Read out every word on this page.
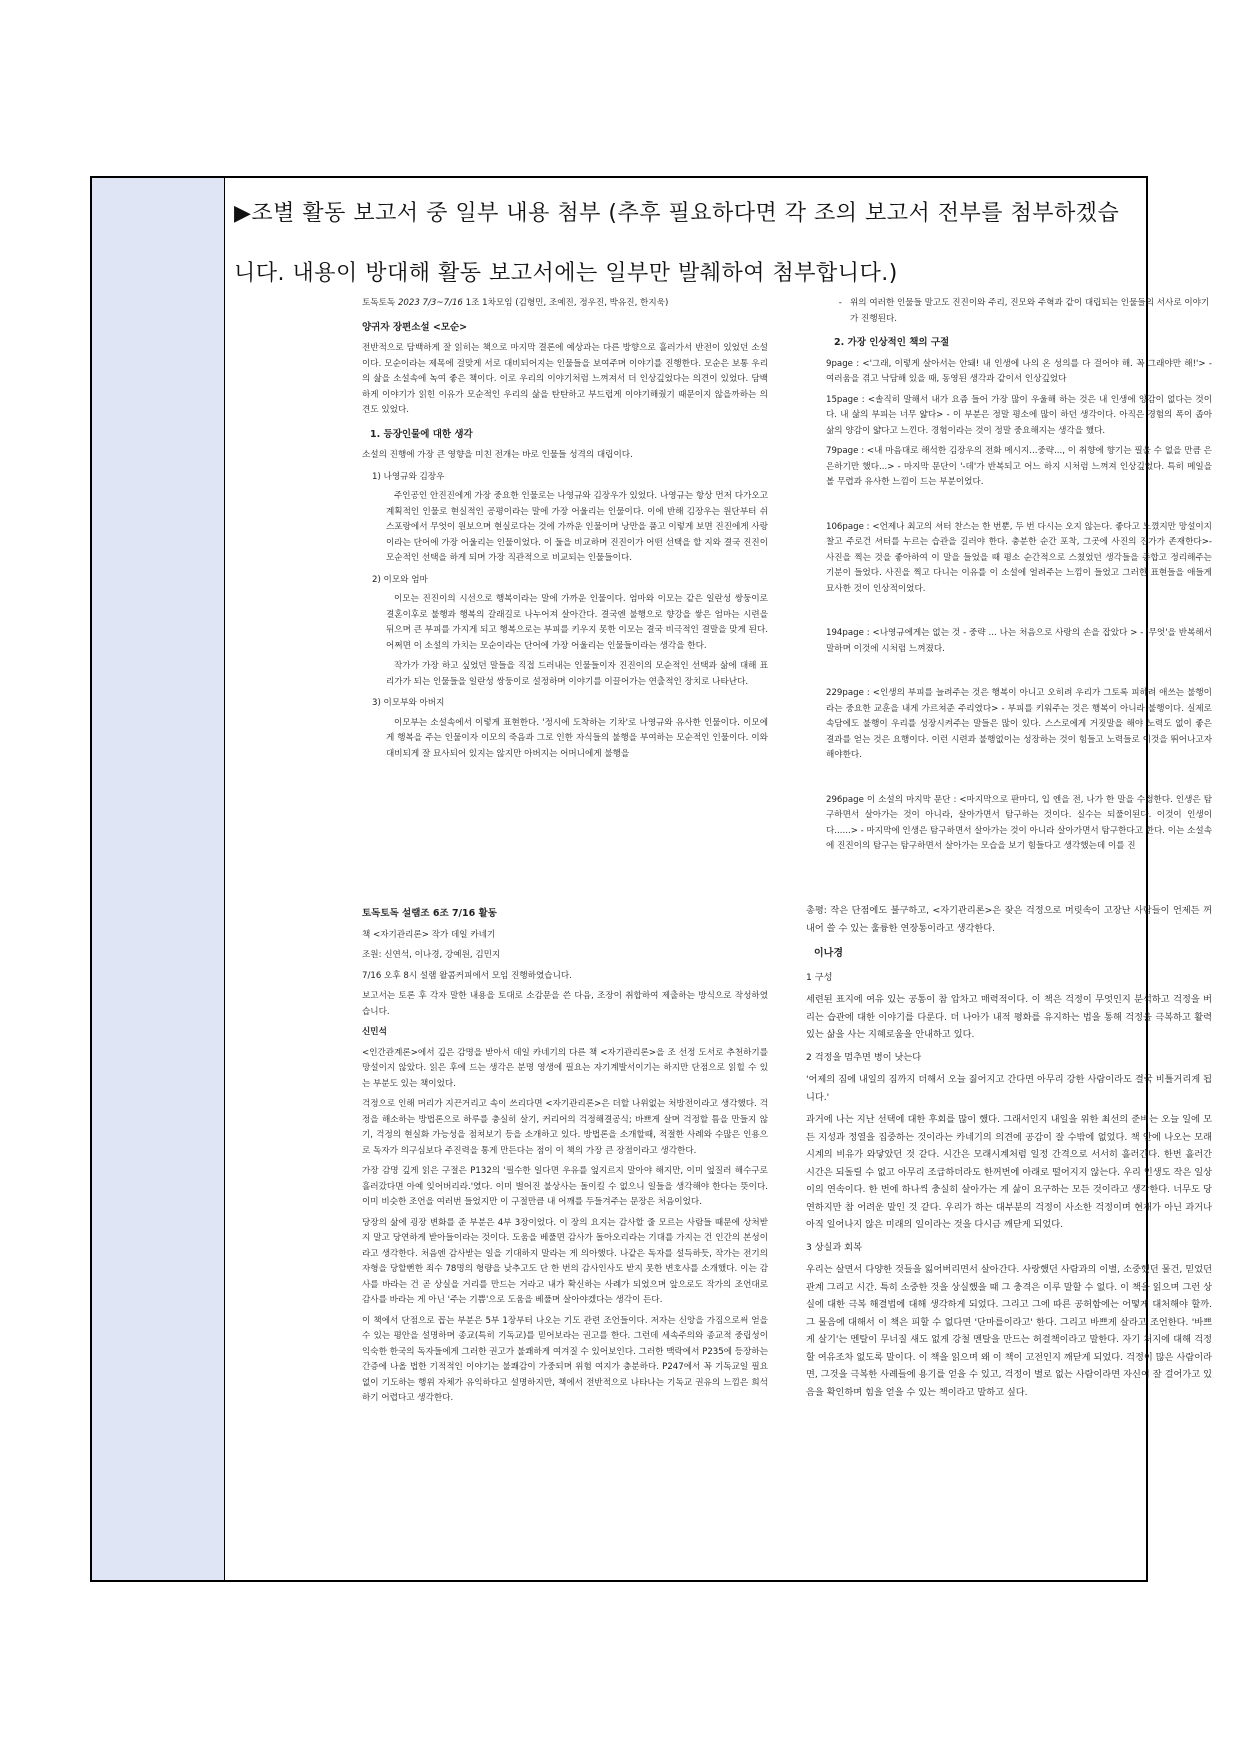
▶조별 활동 보고서 중 일부 내용 첨부 (추후 필요하다면 각 조의 보고서 전부를 첨부하겠습니다. 내용이 방대해 활동 보고서에는 일부만 발췌하여 첨부합니다.)

토독토독 2023 7/3~7/16 1조 1차모임 (김형민, 조예진, 정우진, 박유진, 한지욱)

양귀자 장편소설 <모순>

전반적으로 담백하게 잘 읽히는 책으로 마지막 결론에 예상과는 다른 방향으로 흘러가서 반전이 있었던 소설이다. 모순이라는 제목에 걸맞게 서로 대비되어지는 인물들을 보여주며 이야기를 진행한다. 모순은 보통 우리의 삶을 소설속에 녹여 좋은 책이다. 이로 우리의 이야기처럼 느껴져서 더 인상깊었다는 의견이 있었다. 담백하게 이야기가 읽힌 이유가 모순적인 우리의 삶을 탄탄하고 부드럽게 이야기해줬기 때문이지 않을까하는 의견도 있었다.

1. 등장인물에 대한 생각

소설의 진행에 가장 큰 영향을 미친 전개는 바로 인물들 성격의 대립이다.

1) 나영규와 김장우

주인공인 안진진에게 가장 중요한 인물로는 나영규와 김장우가 있었다. 나영규는 항상 먼저 다가오고 계획적인 인물로 현실적인 공평이라는 말에 가장 어울리는 인물이다. 이에 반해 김장우는 원단부터 쉬스포랑에서 무엇이 원보으며 현실로다는 것에 가까운 인물이며 낭만을 품고 이렇게 보면 진진에게 사랑이라는 단어에 가장 어울리는 인물이었다. 이 둘을 비교하며 진진이가 어떤 선택을 할 지와 결국 진진이 모순적인 선택을 하게 되며 가장 직관적으로 비교되는 인물들이다.

2) 이모와 엄마

이모는 진진이의 시선으로 행복이라는 말에 가까운 인물이다. 엄마와 이모는 같은 일란성 쌍둥이로 결혼이후로 불행과 행복의 갈래길로 나누어져 살아간다. 결국엔 불행으로 향강을 쌓은 엄마는 시련을 뒤으며 큰 부피를 가지게 되고 행복으로는 부피를 키우지 못한 이모는 결국 비극적인 결말을 맞게 된다. 어쩌면 이 소설의 가치는 모순이라는 단어에 가장 어울리는 인물들이라는 생각을 한다.

작가가 가장 하고 싶었던 말들을 직접 드러내는 인물들이자 진진이의 모순적인 선택과 삶에 대해 표리가가 되는 인물들을 일란성 쌍둥이로 설정하며 이야기를 이끌어가는 연출적인 장치로 나타난다.

3) 이모부와 아버지

이모부는 소설속에서 이렇게 표현한다. '정시에 도착하는 기차'로 나영규와 유사한 인물이다. 이모에게 행복을 주는 인물이자 이모의 죽음과 그로 인한 자식들의 불행을 부여하는 모순적인 인물이다. 이와 대비되게 잘 묘사되어 있지는 않지만 아버지는 어머니에게 불행을

- 위의 여러한 인물들 말고도 진진이와 주리, 진모와 주혁과 같이 대립되는 인물들의 서사로 이야기가 진행된다.

2. 가장 인상적인 책의 구절

9page : <'그래, 이렇게 살아서는 안돼! 내 인생에 나의 온 성의를 다 걸어야 해. 꼭 그래야만 해!'> - 여러움을 겪고 낙담해 있을 때, 동영된 생각과 같이서 인상깊었다

15page : <솔직히 말해서 내가 요즘 들어 가장 많이 우울해 하는 것은 내 인생에 양감이 없다는 것이다. 내 삶의 부피는 너무 얇다> - 이 부분은 정말 평소에 많이 하던 생각이다. 아직은 경험의 폭이 좁아 삶의 양감이 얇다고 느낀다. 경험이라는 것이 정말 중요해지는 생각을 했다.

79page : <내 마음대로 해석한 김장우의 전화 메시지...중략..., 이 취향에 향기는 필을 수 없을 만큼 은은하기만 했다...> - 마지막 문단이 '-데'가 반복되고 어느 하지 시처럼 느껴져 인상깊었다. 특히 메일을 볼 무렵과 유사한 느낌이 드는 부분이었다.

106page : <언제나 최고의 셔터 찬스는 한 번뿐, 두 번 다시는 오지 않는다. 좋다고 느꼈지만 망설이지 찰고 주로건 셔터를 누르는 습관을 길러야 한다. 충분한 순간 포착, 그곳에 사진의 진가가 존재한다>- 사진을 찍는 것을 좋아하여 이 말을 들었을 때 평소 순간적으로 스쳤었던 생각들을 종합고 정리해주는 기분이 들었다. 사진을 찍고 다니는 이유를 이 소설에 얼려주는 느낌이 들었고 그러한 표현들을 애들게 묘사한 것이 인상적이었다.

194page : <나영규에게는 없는 것 - 중략 ... 나는 처음으로 사랑의 손을 잡았다 > - '무엇'을 반복해서 말하며 이것에 시처럼 느껴졌다.

229page : <인생의 부피를 늘려주는 것은 행복이 아니고 오히려 우리가 그토록 피하려 애쓰는 불행이라는 중요한 교훈을 내게 가르쳐준 주리였다> - 부피를 키워주는 것은 행복이 아니라 불행이다. 실제로 속담에도 불행이 우리를 성장시켜주는 말들은 많이 있다. 스스로에게 거짓말을 해야 노력도 없이 좋은 결과를 얻는 것은 요행이다. 이런 시련과 불행없이는 성장하는 것이 힘들고 노력들로 이것을 뛰어나고자 해야한다.

296page 이 소설의 마지막 문단 : <마지막으로 판마디, 입 엔을 전, 나가 한 말을 수정한다. 인생은 탐구하면서 살아가는 것이 아니라, 살아가면서 탐구하는 것이다. 실수는 되풀이된다. 이것이 인생이다......> - 마지막에 인생은 탐구하면서 살아가는 것이 아니라 살아가면서 탐구한다고 한다. 이는 소설속에 진진이의 탐구는 탐구하면서 살아가는 모습을 보기 힘들다고 생각했는데 이를 진

토독토독 설램조 6조 7/16 활동

책 <자기관리론> 작가 데일 카네기

조원: 신연석, 이나경, 강예원, 김민지

7/16 오후 8시 설램 왈콤커피에서 모임 진행하였습니다.

보고서는 토론 후 각자 말한 내용을 토대로 소감문을 쓴 다음, 조장이 취합하여 제출하는 방식으로 작성하였습니다.

신민석

<인간관계론>에서 깊은 감명을 받아서 데일 카네기의 다른 책 <자기관리론>을 조 선정 도서로 추천하기를 망설이지 않았다. 읽은 후에 드는 생각은 분명 영생에 필요는 자기계발서이기는 하지만 단점으로 읽힐 수 있는 부분도 있는 책이었다.

걱정으로 인해 머리가 지끈거리고 속이 쓰리다면 <자기관리론>은 더할 나위없는 처방전이라고 생각했다. 걱정을 해소하는 방법론으로 하루를 충실히 살기, 커리어의 걱정해결공식; 바쁘게 살며 걱정할 틈을 만들지 않기, 걱정의 현실화 가능성을 점쳐보기 등을 소개하고 있다. 방법론을 소개할때, 적절한 사례와 수많은 인용으로 독자가 의구심보다 주진력을 통게 만든다는 점이 이 책의 가장 큰 장점이라고 생각한다.

가장 감명 깊게 읽은 구절은 P132의 '필수한 일다면 우유를 엎지르지 말아야 해지만, 이미 엎질러 해수구로 흘러갔다면 아예 잊어버리라.'였다. 이미 벌어진 불상사는 돌이킬 수 없으니 일들을 생각해야 한다는 뜻이다. 이미 비슷한 조언을 여러번 들었지만 이 구절만큼 내 어깨를 두들겨주는 문장은 처음이었다.

당장의 삶에 굉장 변화를 준 부분은 4부 3장이었다. 이 장의 요지는 감사할 줄 모르는 사람들 때문에 상처받지 말고 당연하게 받아들이라는 것이다. 도움을 베풀면 감사가 돌아오리라는 기대를 가지는 건 인간의 본성이라고 생각한다. 처음엔 감사받는 일을 기대하지 말라는 게 의아했다. 나같은 독자를 설득하듯, 작가는 전기의자형을 당할뻔한 죄수 78명의 형량을 낮추고도 단 한 번의 감사인사도 받지 못한 변호사를 소개했다. 이는 감사를 바라는 건 곧 상실을 거리를 만드는 거라고 내가 확신하는 사례가 되었으며 앞으로도 작가의 조언대로 감사를 바라는 게 아닌 '주는 기쁨'으로 도움을 베풀며 살아야겠다는 생각이 든다.

이 책에서 단점으로 꼽는 부분은 5부 1장부터 나오는 기도 관련 조언들이다. 저자는 신앙을 가짐으로써 얻을 수 있는 평안을 설명하며 종교(특히 기독교)를 믿어보라는 권고를 한다. 그런데 세속주의와 종교적 중립성이 익숙한 한국의 독자들에게 그러한 권고가 불쾌하게 여겨질 수 있어보인다. 그러한 맥락에서 P235에 등장하는 간증에 나올 법한 기적적인 이야기는 불쾌감이 가중되며 위험 여지가 충분하다. P247에서 꼭 기독교일 필요없이 기도하는 행위 자체가 유익하다고 설명하지만, 책에서 전반적으로 나타나는 기독교 권유의 느낌은 희석하기 어렵다고 생각한다.

총평: 작은 단점에도 불구하고, <자기관리론>은 잦은 걱정으로 머릿속이 고장난 사람들이 언제든 꺼내어 쓸 수 있는 훌륭한 연장통이라고 생각한다.

이나경

1 구성

세련된 표지에 여유 있는 공통이 참 압차고 매력적이다. 이 책은 걱정이 무엇인지 분석하고 걱정을 버리는 습관에 대한 이야기를 다룬다. 더 나아가 내적 평화를 유지하는 법을 통해 걱정을 극복하고 활력 있는 삶을 사는 지혜로움을 안내하고 있다.

2 걱정을 멈추면 병이 낫는다

'어제의 짐에 내일의 짐까지 더해서 오늘 짊어지고 간다면 아무리 강한 사람이라도 결국 비틀거리게 됩니다.'

과거에 나는 지난 선택에 대한 후회를 많이 했다. 그래서인지 내일을 위한 최선의 준비는 오늘 일에 모든 지성과 정열을 집중하는 것이라는 카네기의 의견에 공감이 잘 수밖에 없었다. 책 안에 나오는 모래시계의 비유가 와닿았던 것 같다. 시간은 모래시계처럼 일정 간격으로 서서히 흘러간다. 한번 흘러간 시간은 되돌릴 수 없고 아무리 조급하더라도 한꺼번에 아래로 떨어지지 않는다. 우리 인생도 작은 일상이의 연속이다. 한 번에 하나씩 충실히 살아가는 게 삶이 요구하는 모든 것이라고 생각한다. 너무도 당연하지만 참 어려운 말인 것 같다. 우리가 하는 대부분의 걱정이 사소한 걱정이며 현재가 아닌 과거나 아직 일어나지 않은 미래의 일이라는 것을 다시금 깨닫게 되었다.

3 상실과 회복

우리는 살면서 다양한 것들을 잃어버리면서 살아간다. 사랑했던 사람과의 이별, 소중했던 물건, 믿었던 관계 그리고 시간. 특히 소중한 것을 상실했을 때 그 충격은 이루 말할 수 없다. 이 책을 읽으며 그런 상실에 대한 극복 해결법에 대해 생각하게 되었다. 그리고 그에 따른 공허함에는 어떻게 대처해야 할까. 그 물음에 대해서 이 책은 피할 수 없다면 '단마를이라고' 한다. 그리고 바쁘게 살라고 조언한다. '바쁘게 살기'는 멘탈이 무너질 새도 없게 강철 멘탈을 만드는 허결책이라고 말한다. 자기 처지에 대해 걱정할 여유조차 없도록 말이다. 이 책을 읽으며 왜 이 책이 고전인지 깨닫게 되었다. 걱정이 많은 사람이라면, 그것을 극복한 사례들에 용기를 얻을 수 있고, 걱정이 별로 없는 사람이라면 자신이 잘 걸어가고 있음을 확인하며 힘을 얻을 수 있는 책이라고 말하고 싶다.
